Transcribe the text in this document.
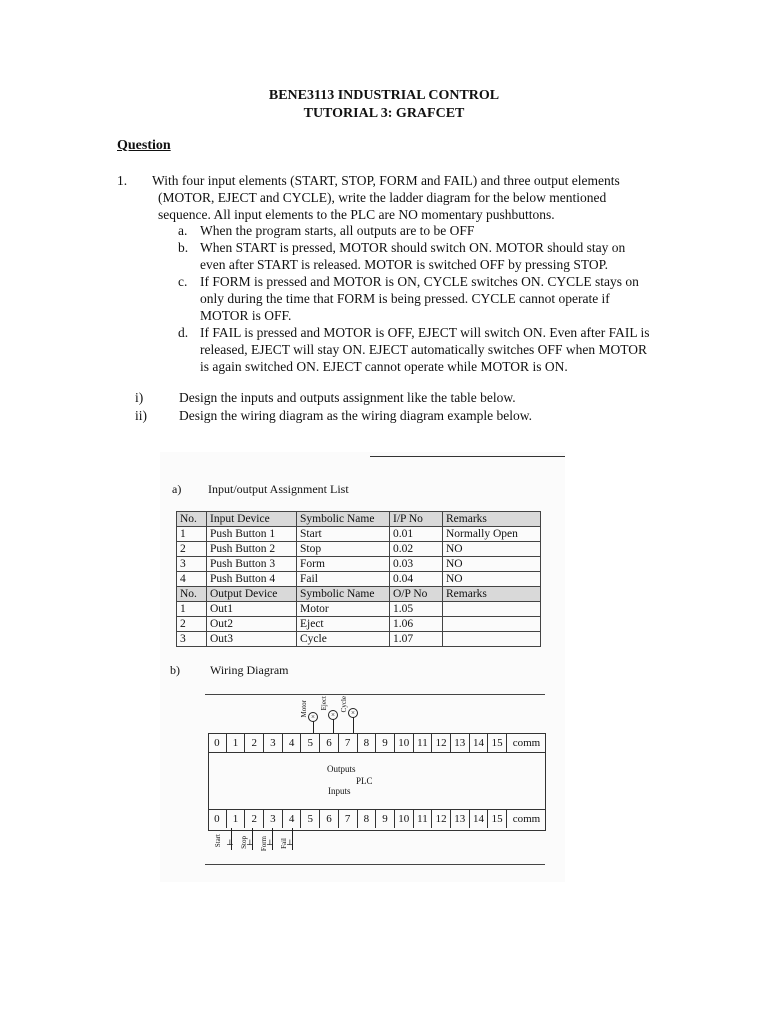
BENE3113 INDUSTRIAL CONTROL
TUTORIAL 3: GRAFCET
Question
1. With four input elements (START, STOP, FORM and FAIL) and three output elements
(MOTOR, EJECT and CYCLE), write the ladder diagram for the below mentioned
sequence. All input elements to the PLC are NO momentary pushbuttons.
a. When the program starts, all outputs are to be OFF
b. When START is pressed, MOTOR should switch ON. MOTOR should stay on even after START is released. MOTOR is switched OFF by pressing STOP.
c. If FORM is pressed and MOTOR is ON, CYCLE switches ON. CYCLE stays on only during the time that FORM is being pressed. CYCLE cannot operate if MOTOR is OFF.
d. If FAIL is pressed and MOTOR is OFF, EJECT will switch ON. Even after FAIL is released, EJECT will stay ON. EJECT automatically switches OFF when MOTOR is again switched ON. EJECT cannot operate while MOTOR is ON.
i)	Design the inputs and outputs assignment like the table below.
ii) Design the wiring diagram as the wiring diagram example below.
a) Input/output Assignment List
No.	Input Device	Symbolic Name	I/P No	Remarks
1	Push Button 1	Start	0.01	Normally Open
2	Push Button 2	Stop	0.02	NO
3	Push Button 3	Form	0.03	NO
4	Push Button 4	Fail	0.04	NO
No.	Output Device	Symbolic Name	O/P No	Remarks
1	Out1	Motor	1.05	
2	Out2	Eject	1.06	
3	Out3	Cycle	1.07	
b)	Wiring Diagram
Motor Eject Cycle
×	×	×
0	1	2	3	4	5	6	7	8	9 10 11 12 13 14 15 comm
Outputs
PLC
Inputs
0	1	2	3	4	5	6	7	8	9 10 11 12 13 14 15 comm
Start	Stop Form Fail
⊥ ⊥ ⊥ ⊥
